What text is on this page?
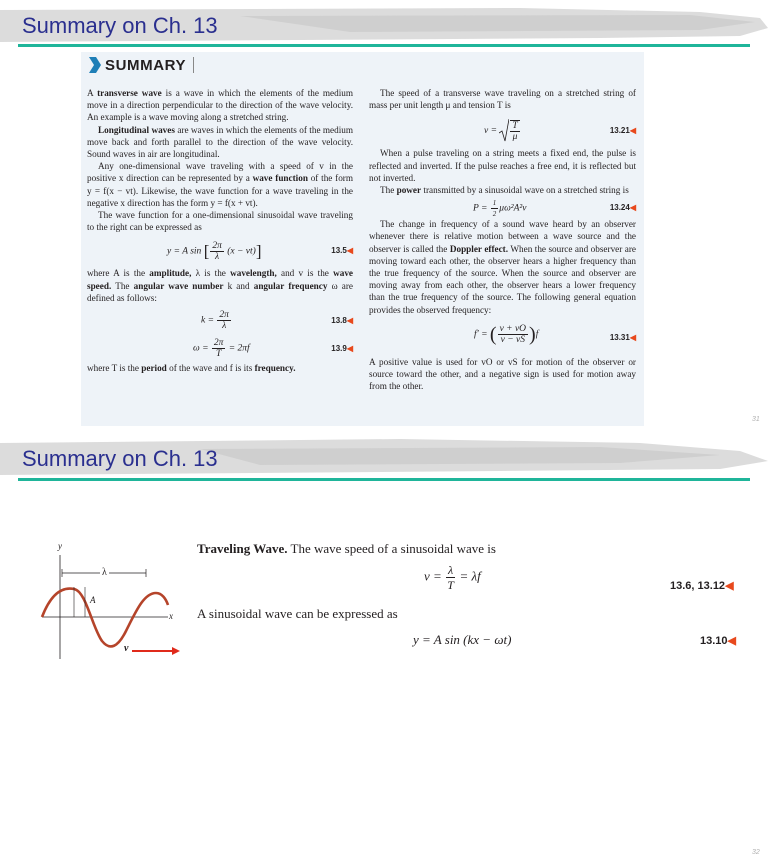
Summary on Ch. 13
SUMMARY

A transverse wave is a wave in which the elements of the medium move in a direction perpendicular to the direction of the wave velocity. An example is a wave moving along a stretched string.

Longitudinal waves are waves in which the elements of the medium move back and forth parallel to the direction of the wave velocity. Sound waves in air are longitudinal.

Any one-dimensional wave traveling with a speed of v in the positive x direction can be represented by a wave function of the form y = f(x − vt). Likewise, the wave function for a wave traveling in the negative x direction has the form y = f(x + vt).

The wave function for a one-dimensional sinusoidal wave traveling to the right can be expressed as

y = A sin [ $\frac{2\pi}{\lambda} (x - vt)$]	13.5◀

where A is the amplitude, λ is the wavelength, and v is the wave speed. The angular wave number k and angular frequency ω are defined as follows:

$k = \frac{2\pi}{\lambda}$	13.8◀
$\omega = \frac{2\pi}{T} = 2\pi f$	13.9◀

where T is the period of the wave and f is its frequency.

The speed of a transverse wave traveling on a stretched string of mass per unit length μ and tension T is

$v = \frac{T}{\mu}$	13.21◀

When a pulse traveling on a string meets a fixed end, the pulse is reflected and inverted. If the pulse reaches a free end, it is reflected but not inverted.

The power transmitted by a sinusoidal wave on a stretched string is

$P = \frac{1}{2} \mu\omega^2A^2v$	13.24◀

The change in frequency of a sound wave heard by an observer whenever there is relative motion between a wave source and the observer is called the Doppler effect. When the source and observer are moving toward each other, the observer hears a higher frequency than the true frequency of the source. When the source and observer are moving away from each other, the observer hears a lower frequency than the true frequency of the source. The following general equation provides the observed frequency:

f′ = ( $\frac{v + vO}{v - vS} )f$	13.31◀

A positive value is used for vO or vS for motion of the observer or source toward the other, and a negative sign is used for motion away from the other.

31
Summary on Ch. 13
y
x
λ
A
v⃗
Traveling Wave. The wave speed of a sinusoidal wave is
$v = \frac{\lambda}{T} = \lambda f$
13.6, 13.12◀
A sinusoidal wave can be expressed as
y = A sin (kx − ωt)	13.10◀
32
